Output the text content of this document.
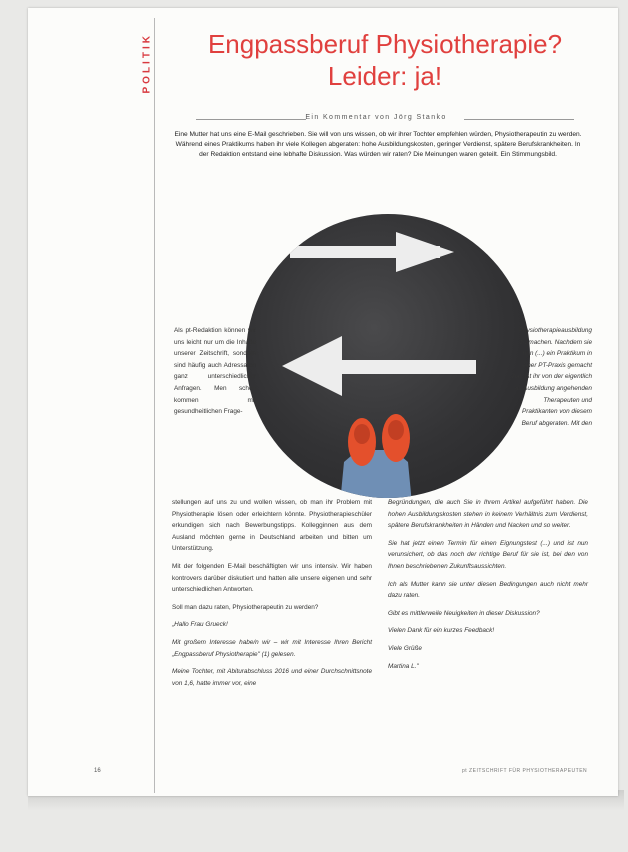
POLITIK	Engpassberuf Physiotherapie?
Leider: ja!
Ein Kommentar von Jörg Stanko
Eine Mutter hat uns eine E-Mail geschrieben. Sie will von uns wissen, ob wir ihrer Tochter empfehlen würden, Physiotherapeutin zu werden. Während eines Praktikums haben ihr viele Kollegen abgeraten: hohe Ausbildungskosten, geringer Verdienst, spätere Berufskrankheiten. In der Redaktion entstand eine lebhafte Diskussion. Was würden wir raten? Die Meinungen waren geteilt. Ein Stimmungsbild.
Als pt-Redaktion können wir uns leicht nur um die Inhalte unserer Zeitschrift, sondern sind häufig auch Adressaten ganz unterschiedlicher Anfragen. Men schen kommen mit gesundheitlichen Frage-

stellungen auf uns zu und wollen wissen, ob man ihr Problem mit Physiotherapie lösen oder erleichtern könnte. Physiotherapieschüler erkundigen sich nach Bewerbungstipps. Kollegginnen aus dem Ausland möchten gerne in Deutschland arbeiten und bitten um Unterstützung.

Mit der folgenden E-Mail beschäftigten wir uns intensiv. Wir haben kontrovers darüber diskutiert und hatten alle unsere eigenen und sehr unterschiedlichen Antworten.

Soll man dazu raten, Physiotherapeutin zu werden?

„Hallo Frau Grueck!

Mit großem Interesse habe/n wir – wir mit Interesse Ihren Bericht „Engpassberuf Physiotherapie" (1) gelesen.

Meine Tochter, mit Abiturabschluss 2016 und einer Durchschnittsnote von 1,6, hatte immer vor, eine

Physiotherapieausbildung zu machen. Nachdem sie nun (...) ein Praktikum in einer PT-Praxis gemacht hat, ist ihr von der eigentlich als Ausbildung angehenden Therapeuten und Praktikanten von diesem Beruf abgeraten. Mit den

Begründungen, die auch Sie in Ihrem Artikel aufgeführt haben. Die hohen Ausbildungskosten stehen in keinem Verhältnis zum Verdienst, spätere Berufskrankheiten in Händen und Nacken und so weiter.

Sie hat jetzt einen Termin für einen Eignungstest (...) und ist nun verunsichert, ob das noch der richtige Beruf für sie ist, bei den von Ihnen beschriebenen Zukunftsaussichten.

Ich als Mutter kann sie unter diesen Bedingungen auch nicht mehr dazu raten.

Gibt es mittlerweile Neuigkeiten in dieser Diskussion?

Vielen Dank für ein kurzes Feedback!

Viele Grüße

Martina L."

16	pt ZEITSCHRIFT FÜR PHYSIOTHERAPEUTEN
